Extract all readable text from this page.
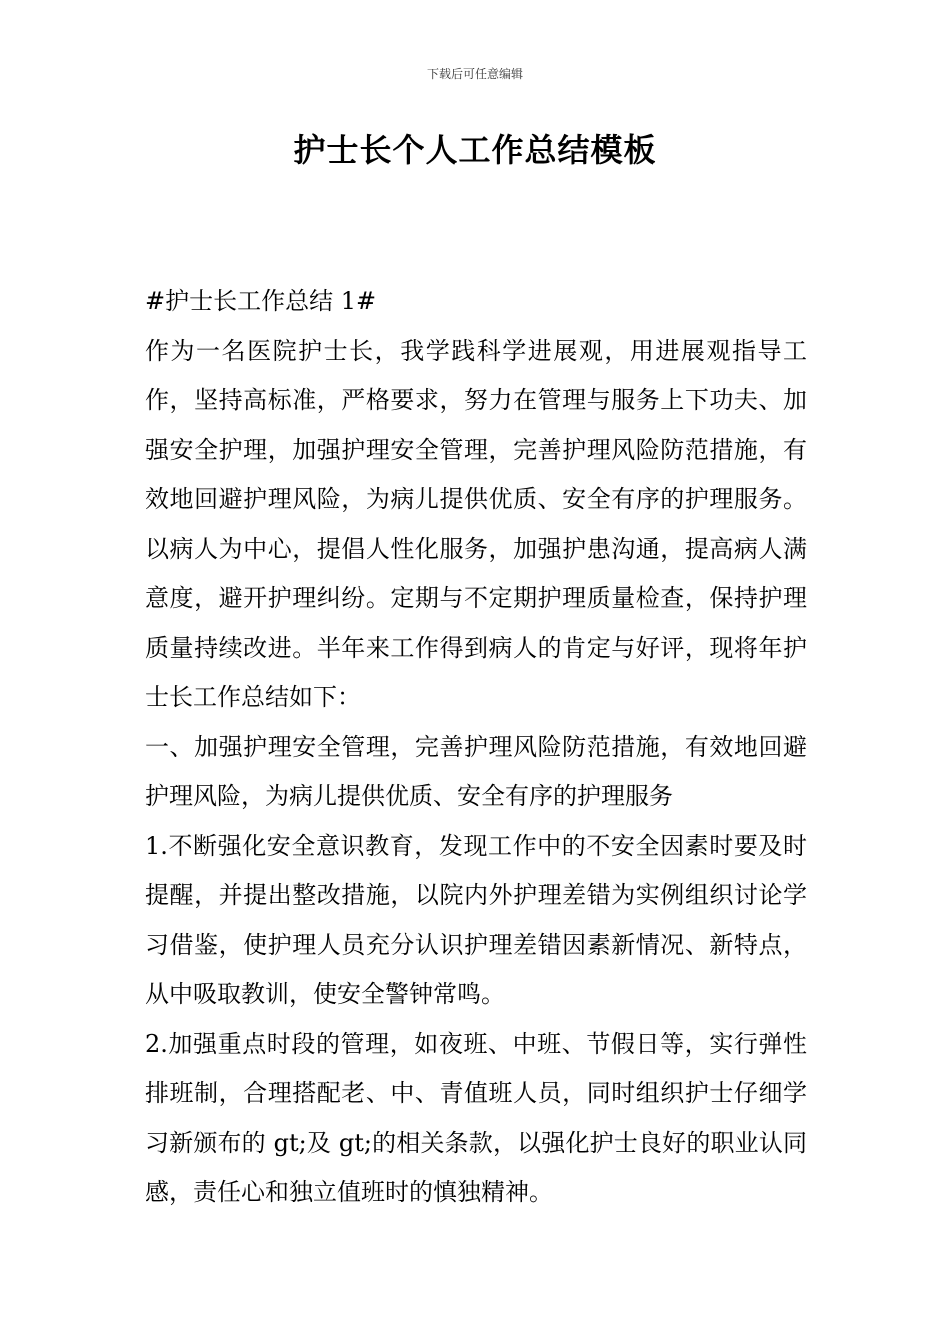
下载后可任意编辑
护士长个人工作总结模板

#护士长工作总结 1#

作为一名医院护士长，我学践科学进展观，用进展观指导工作，坚持高标准，严格要求，努力在管理与服务上下功夫、加强安全护理，加强护理安全管理，完善护理风险防范措施，有效地回避护理风险，为病儿提供优质、安全有序的护理服务。以病人为中心，提倡人性化服务，加强护患沟通，提高病人满意度，避开护理纠纷。定期与不定期护理质量检查，保持护理质量持续改进。半年来工作得到病人的肯定与好评，现将年护士长工作总结如下：

一、加强护理安全管理，完善护理风险防范措施，有效地回避护理风险，为病儿提供优质、安全有序的护理服务

1.不断强化安全意识教育，发现工作中的不安全因素时要及时提醒，并提出整改措施，以院内外护理差错为实例组织讨论学习借鉴，使护理人员充分认识护理差错因素新情况、新特点，从中吸取教训，使安全警钟常鸣。

2.加强重点时段的管理，如夜班、中班、节假日等，实行弹性排班制，合理搭配老、中、青值班人员，同时组织护士仔细学习新颁布的 gt;及 gt;的相关条款，以强化护士良好的职业认同感，责任心和独立值班时的慎独精神。
